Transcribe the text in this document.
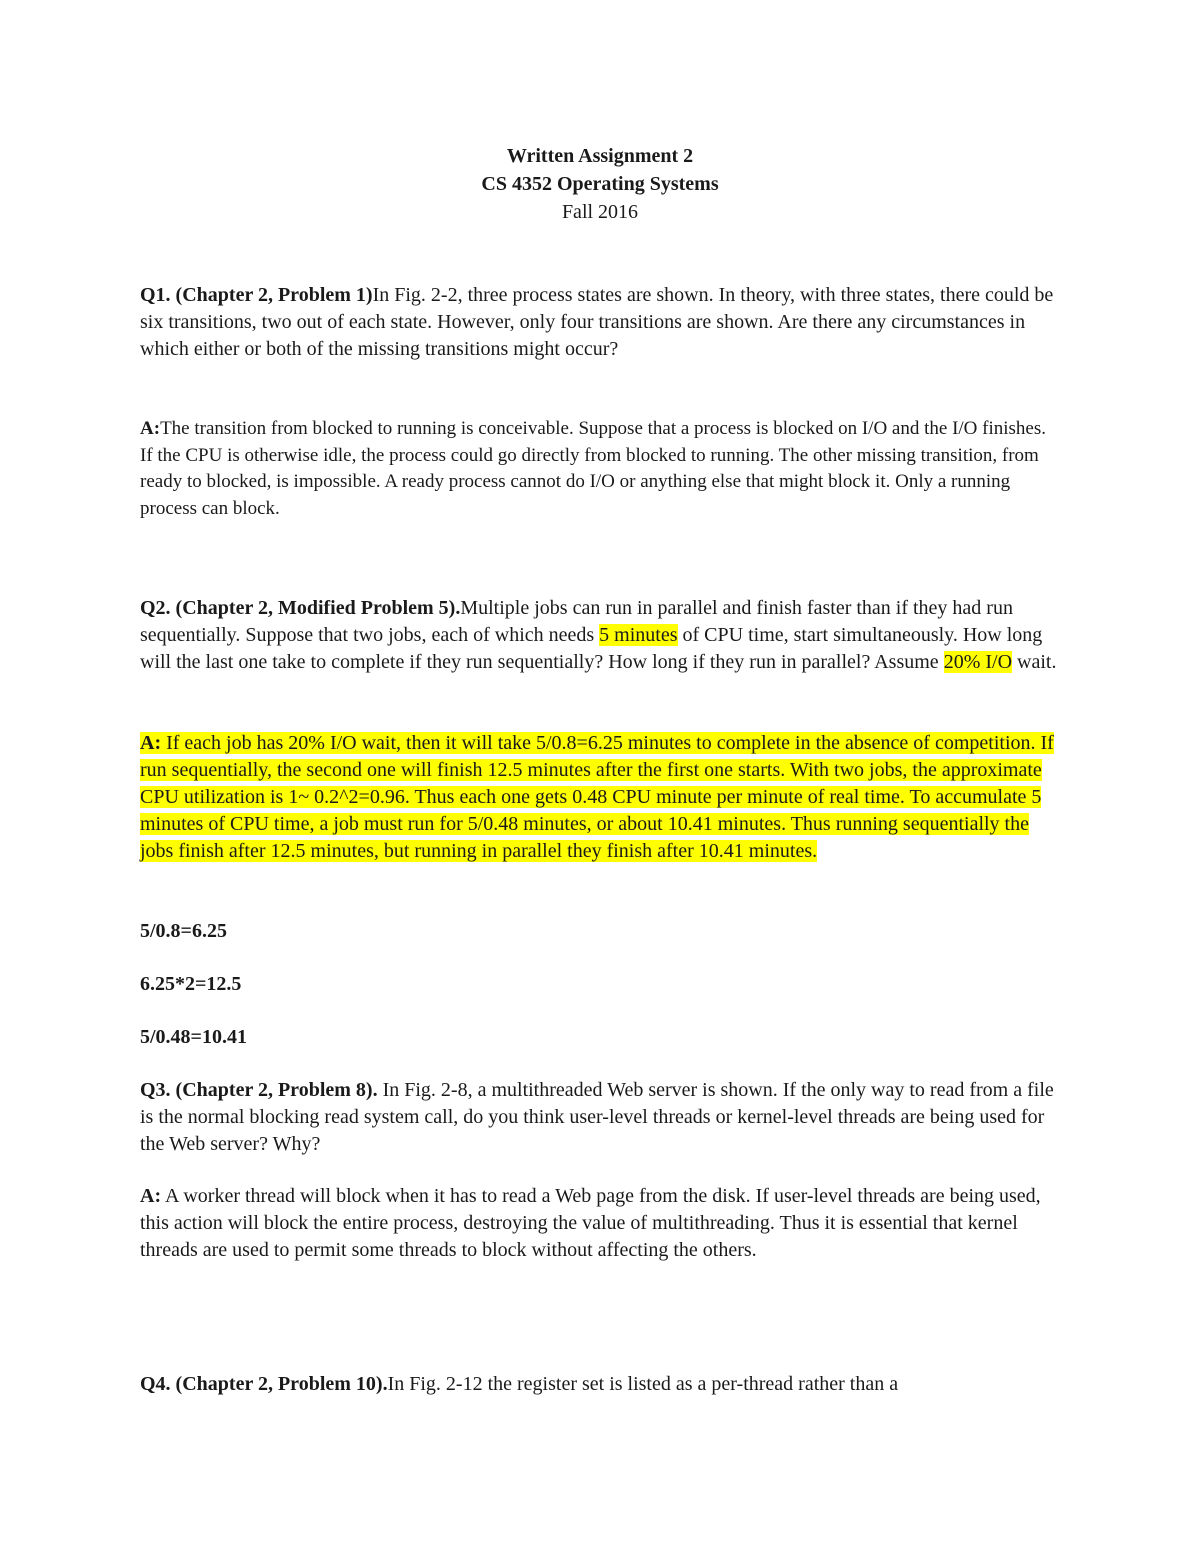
Written Assignment 2
CS 4352 Operating Systems
Fall 2016
Q1. (Chapter 2, Problem 1)In Fig. 2-2, three process states are shown. In theory, with three states, there could be six transitions, two out of each state. However, only four transitions are shown. Are there any circumstances in which either or both of the missing transitions might occur?
A:The transition from blocked to running is conceivable. Suppose that a process is blocked on I/O and the I/O finishes. If the CPU is otherwise idle, the process could go directly from blocked to running. The other missing transition, from ready to blocked, is impossible. A ready process cannot do I/O or anything else that might block it. Only a running process can block.
Q2. (Chapter 2, Modified Problem 5).Multiple jobs can run in parallel and finish faster than if they had run sequentially. Suppose that two jobs, each of which needs 5 minutes of CPU time, start simultaneously. How long will the last one take to complete if they run sequentially? How long if they run in parallel? Assume 20% I/O wait.
A: If each job has 20% I/O wait, then it will take 5/0.8=6.25 minutes to complete in the absence of competition. If run sequentially, the second one will finish 12.5 minutes after the first one starts. With two jobs, the approximate CPU utilization is 1~ 0.2^2=0.96. Thus each one gets 0.48 CPU minute per minute of real time. To accumulate 5 minutes of CPU time, a job must run for 5/0.48 minutes, or about 10.41 minutes. Thus running sequentially the jobs finish after 12.5 minutes, but running in parallel they finish after 10.41 minutes.
5/0.8=6.25
6.25*2=12.5
5/0.48=10.41
Q3. (Chapter 2, Problem 8). In Fig. 2-8, a multithreaded Web server is shown. If the only way to read from a file is the normal blocking read system call, do you think user-level threads or kernel-level threads are being used for the Web server? Why?
A: A worker thread will block when it has to read a Web page from the disk. If user-level threads are being used, this action will block the entire process, destroying the value of multithreading. Thus it is essential that kernel threads are used to permit some threads to block without affecting the others.
Q4. (Chapter 2, Problem 10).In Fig. 2-12 the register set is listed as a per-thread rather than a
